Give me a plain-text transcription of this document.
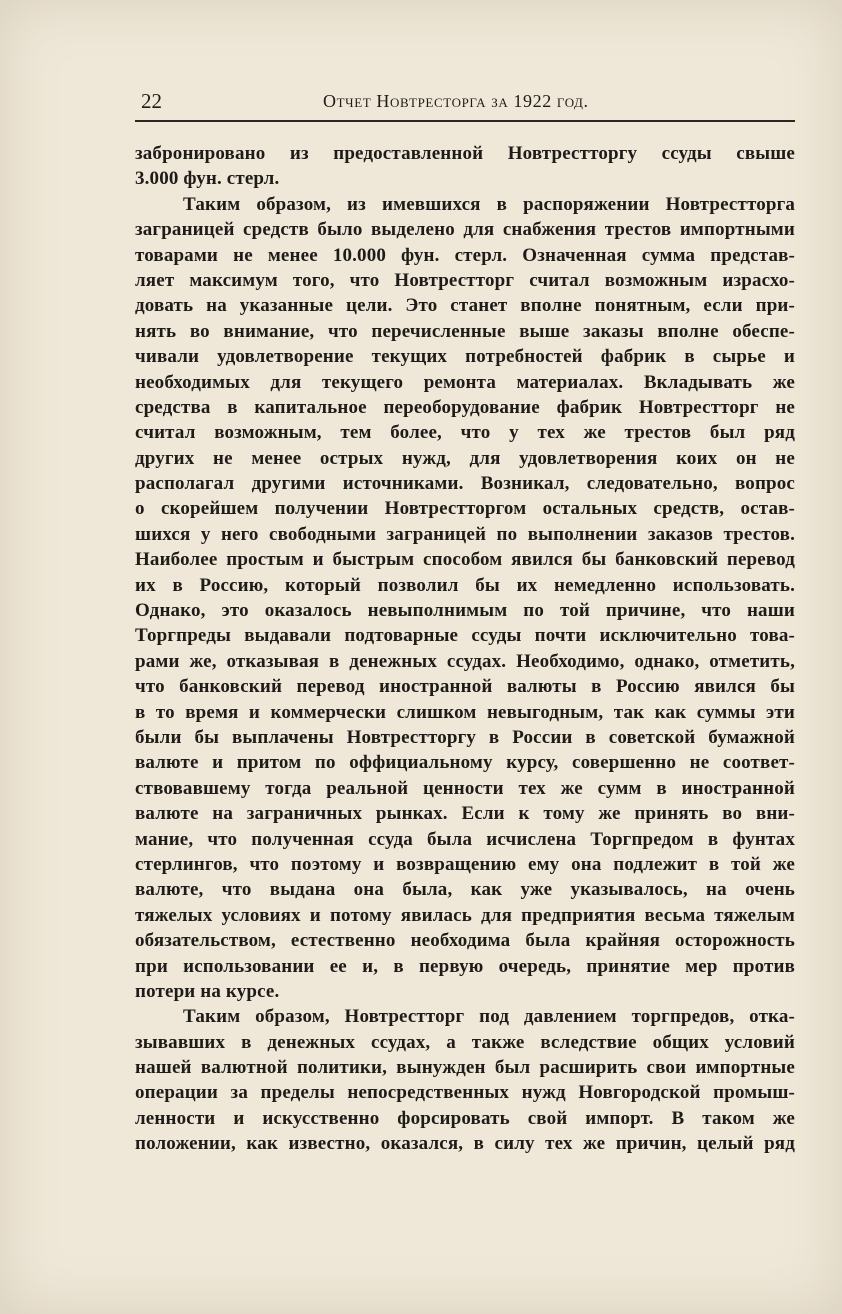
22	Отчет Новтресторга за 1922 год.
забронировано из предоставленной Новтрестторгу ссуды свыше
3.000 фун. стерл.
Таким образом, из имевшихся в распоряжении Новтрестторга
заграницей средств было выделено для снабжения трестов импортными
товарами не менее 10.000 фун. стерл. Означенная сумма представ-
ляет максимум того, что Новтрестторг считал возможным израсхо-
довать на указанные цели. Это станет вполне понятным, если при-
нять во внимание, что перечисленные выше заказы вполне обеспе-
чивали удовлетворение текущих потребностей фабрик в сырье и
необходимых для текущего ремонта материалах. Вкладывать же
средства в капитальное переоборудование фабрик Новтрестторг не
считал возможным, тем более, что у тех же трестов был ряд
других не менее острых нужд, для удовлетворения коих он не
располагал другими источниками. Возникал, следовательно, вопрос
о скорейшем получении Новтрестторгом остальных средств, остав-
шихся у него свободными заграницей по выполнении заказов трестов.
Наиболее простым и быстрым способом явился бы банковский перевод
их в Россию, который позволил бы их немедленно использовать.
Однако, это оказалось невыполнимым по той причине, что наши
Торгпреды выдавали подтоварные ссуды почти исключительно това-
рами же, отказывая в денежных ссудах. Необходимо, однако, отметить,
что банковский перевод иностранной валюты в Россию явился бы
в то время и коммерчески слишком невыгодным, так как суммы эти
были бы выплачены Новтрестторгу в России в советской бумажной
валюте и притом по оффициальному курсу, совершенно не соответ-
ствовавшему тогда реальной ценности тех же сумм в иностранной
валюте на заграничных рынках. Если к тому же принять во вни-
мание, что полученная ссуда была исчислена Торгпредом в фунтах
стерлингов, что поэтому и возвращению ему она подлежит в той же
валюте, что выдана она была, как уже указывалось, на очень
тяжелых условиях и потому явилась для предприятия весьма тяжелым
обязательством, естественно необходима была крайняя осторожность
при использовании ее и, в первую очередь, принятие мер против
потери на курсе.
Таким образом, Новтрестторг под давлением торгпредов, отка-
зывавших в денежных ссудах, а также вследствие общих условий
нашей валютной политики, вынужден был расширить свои импортные
операции за пределы непосредственных нужд Новгородской промыш-
ленности и искусственно форсировать свой импорт. В таком же
положении, как известно, оказался, в силу тех же причин, целый ряд
